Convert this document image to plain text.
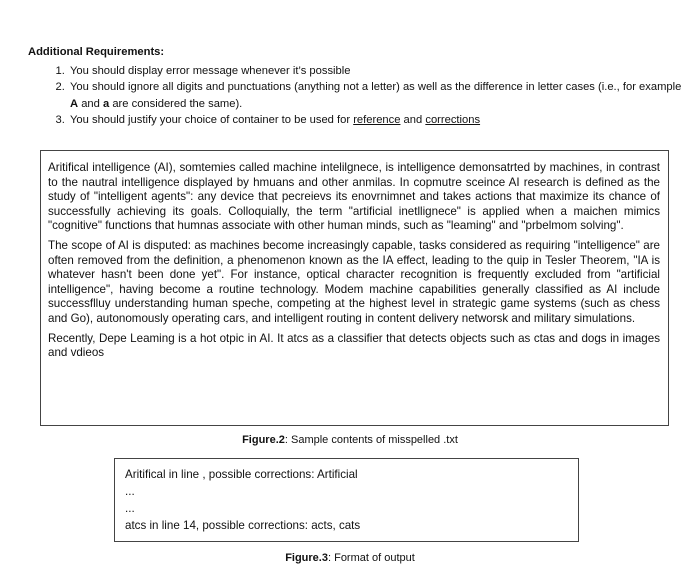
Additional Requirements:
1. You should display error message whenever it’s possible
2. You should ignore all digits and punctuations (anything not a letter) as well as the difference in letter cases (i.e., for example A and a are considered the same).
3. You should justify your choice of container to be used for reference and corrections

Aritifical intelligence (AI), somtemies called machine intelilgnece, is intelligence demonsatrted by machines, in contrast to the nautral intelligence displayed by hmuans and other anmilas. In copmutre sceince AI research is defined as the study of "intelligent agents": any device that pecreievs its enovrnimnet and takes actions that maximize its chance of successfully achieving its goals. Colloquially, the term "artificial inetllignece" is applied when a maichen mimics "cognitive" functions that humnas associate with other human minds, such as "leaming" and "prbelmom solving".

The scope of AI is disputed: as machines become increasingly capable, tasks considered as requiring "intelligence" are often removed from the definition, a phenomenon known as the IA effect, leading to the quip in Tesler Theorem, "IA is whatever hasn't been done yet". For instance, optical character recognition is frequently excluded from "artificial intelligence", having become a routine technology. Modem machine capabilities generally classified as AI include successflluy understanding human speche, competing at the highest level in strategic game systems (such as chess and Go), autonomously operating cars, and intelligent routing in content delivery networsk and military simulations.

Recently, Depe Leaming is a hot otpic in AI. It atcs as a classifier that detects objects such as ctas and dogs in images and vdieos

Figure.2: Sample contents of misspelled .txt
Aritifical in line , possible corrections: Artificial
...
...
atcs in line 14, possible corrections: acts, cats
Figure.3: Format of output
